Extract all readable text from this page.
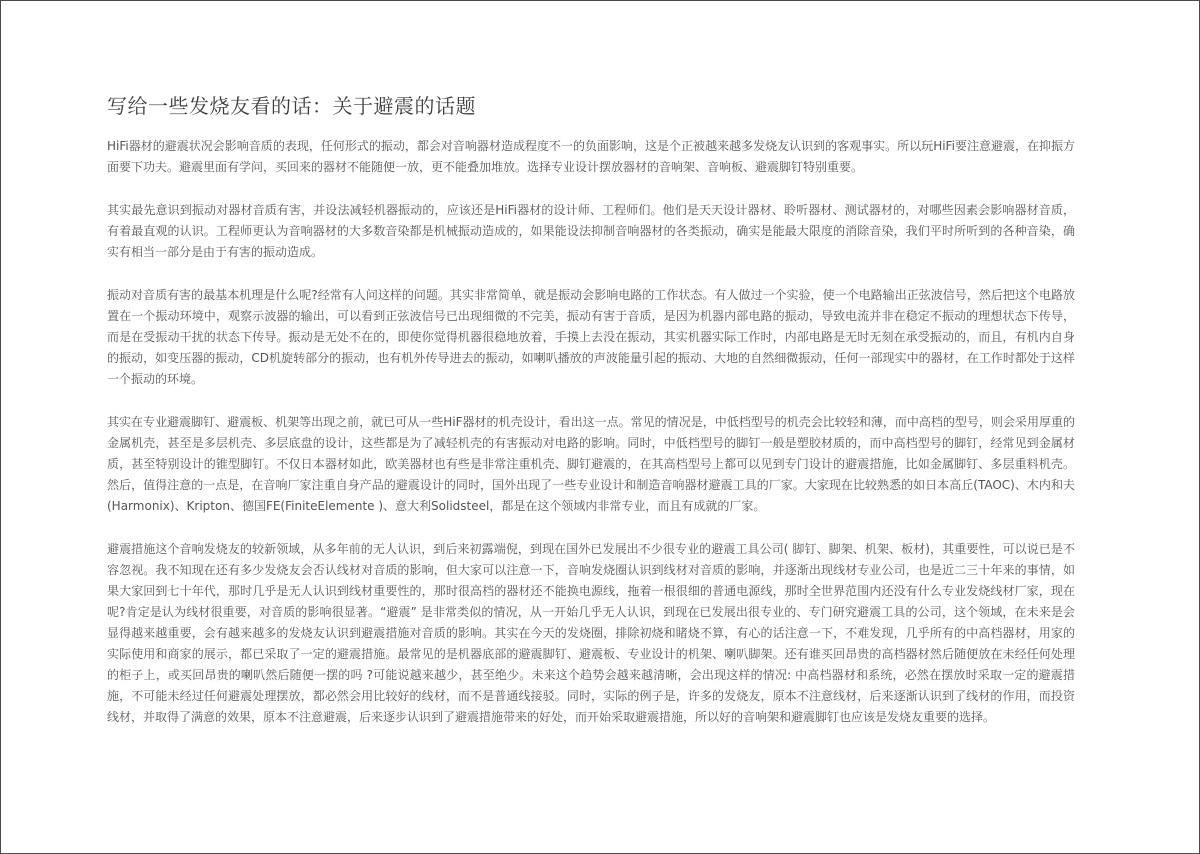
写给一些发烧友看的话：关于避震的话题

HiFi器材的避震状况会影响音质的表现，任何形式的振动，都会对音响器材造成程度不一的负面影响，这是个正被越来越多发烧友认识到的客观事实。所以玩HiFi要注意避震，在抑振方面要下功夫。避震里面有学问，买回来的器材不能随便一放，更不能叠加堆放。选择专业设计摆放器材的音响架、音响板、避震脚钉特别重要。

其实最先意识到振动对器材音质有害，并设法减轻机器振动的，应该还是HiFi器材的设计师、工程师们。他们是天天设计器材、聆听器材、测试器材的，对哪些因素会影响器材音质，有着最直观的认识。工程师更认为音响器材的大多数音染都是机械振动造成的，如果能设法抑制音响器材的各类振动，确实是能最大限度的消除音染，我们平时所听到的各种音染，确实有相当一部分是由于有害的振动造成。

振动对音质有害的最基本机理是什么呢?经常有人问这样的问题。其实非常简单，就是振动会影响电路的工作状态。有人做过一个实验，使一个电路输出正弦波信号，然后把这个电路放置在一个振动环境中，观察示波器的输出，可以看到正弦波信号已出现细微的不完美，振动有害于音质，是因为机器内部电路的振动，导致电流并非在稳定不振动的理想状态下传导，而是在受振动干扰的状态下传导。振动是无处不在的，即使你觉得机器很稳地放着，手摸上去没在振动，其实机器实际工作时，内部电路是无时无刻在承受振动的，而且，有机内自身的振动，如变压器的振动，CD机旋转部分的振动，也有机外传导进去的振动，如喇叭播放的声波能量引起的振动、大地的自然细微振动，任何一部现实中的器材，在工作时都处于这样一个振动的环境。

其实在专业避震脚钉、避震板、机架等出现之前，就已可从一些HiF器材的机壳设计，看出这一点。常见的情况是，中低档型号的机壳会比较轻和薄，而中高档的型号，则会采用厚重的金属机壳，甚至是多层机壳、多层底盘的设计，这些都是为了减轻机壳的有害振动对电路的影响。同时，中低档型号的脚钉一般是塑胶材质的，而中高档型号的脚钉，经常见到金属材质，甚至特别设计的锥型脚钉。不仅日本器材如此，欧美器材也有些是非常注重机壳、脚钉避震的，在其高档型号上都可以见到专门设计的避震措施，比如金属脚钉、多层重料机壳。然后，值得注意的一点是，在音响厂家注重自身产品的避震设计的同时，国外出现了一些专业设计和制造音响器材避震工具的厂家。大家现在比较熟悉的如日本高丘(TAOC)、木内和夫(Harmonix)、Kripton、德国FE(FiniteElemente )、意大利Solidsteel，都是在这个领域内非常专业，而且有成就的厂家。

避震措施这个音响发烧友的较新领域，从多年前的无人认识，到后来初露端倪，到现在国外已发展出不少很专业的避震工具公司( 脚钉、脚架、机架、板材)，其重要性，可以说已是不容忽视。我不知现在还有多少发烧友会否认线材对音质的影响，但大家可以注意一下，音响发烧圈认识到线材对音质的影响，并逐渐出现线材专业公司，也是近二三十年来的事情，如果大家回到七十年代，那时几乎是无人认识到线材重要性的，那时很高档的器材还不能换电源线，拖着一根很细的普通电源线，那时全世界范围内还没有什么专业发烧线材厂家，现在呢?肯定是认为线材很重要，对音质的影响很显著。“避震” 是非常类似的情况，从一开始几乎无人认识，到现在已发展出很专业的、专门研究避震工具的公司，这个领域，在未来是会显得越来越重要，会有越来越多的发烧友认识到避震措施对音质的影响。其实在今天的发烧圈，排除初烧和睹烧不算，有心的话注意一下，不难发现，几乎所有的中高档器材，用家的实际使用和商家的展示，都已采取了一定的避震措施。最常见的是机器底部的避震脚钉、避震板、专业设计的机架、喇叭脚架。还有谁买回昂贵的高档器材然后随便放在未经任何处理的柜子上，或买回昂贵的喇叭然后随便一摆的吗 ?可能说越来越少，甚至绝少。未来这个趋势会越来越清晰，会出现这样的情况: 中高档器材和系统，必然在摆放时采取一定的避震措施，不可能未经过任何避震处理摆放，都必然会用比较好的线材，而不是普通线接驳。同时，实际的例子是，许多的发烧友，原本不注意线材，后来逐渐认识到了线材的作用，而投资线材，并取得了满意的效果，原本不注意避震，后来逐步认识到了避震措施带来的好处，而开始采取避震措施，所以好的音响架和避震脚钉也应该是发烧友重要的选择。
